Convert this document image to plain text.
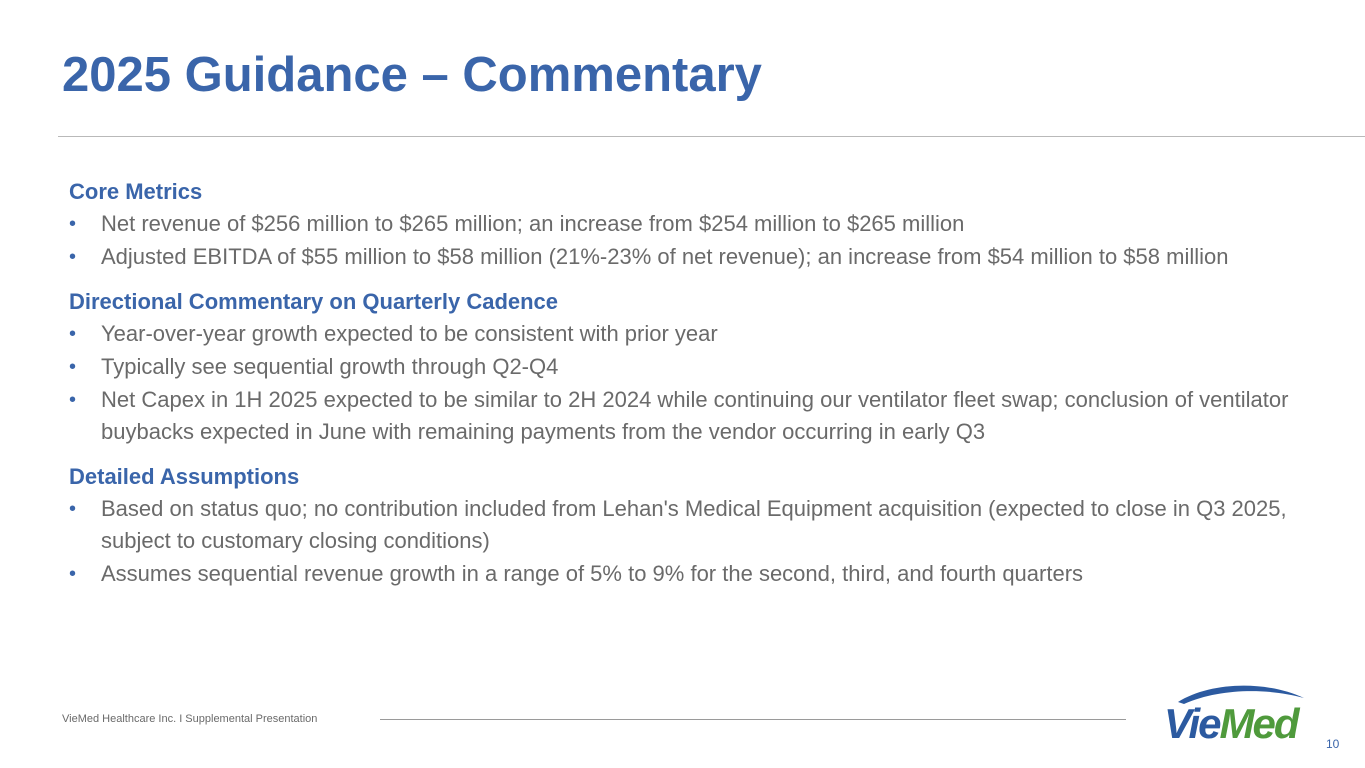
2025 Guidance – Commentary
Core Metrics
• Net revenue of $256 million to $265 million; an increase from $254 million to $265 million
• Adjusted EBITDA of $55 million to $58 million (21%-23% of net revenue); an increase from $54 million to $58 million
Directional Commentary on Quarterly Cadence
• Year-over-year growth expected to be consistent with prior year
• Typically see sequential growth through Q2-Q4
• Net Capex in 1H 2025 expected to be similar to 2H 2024 while continuing our ventilator fleet swap; conclusion of ventilator buybacks expected in June with remaining payments from the vendor occurring in early Q3
Detailed Assumptions
• Based on status quo; no contribution included from Lehan's Medical Equipment acquisition (expected to close in Q3 2025, subject to customary closing conditions)
• Assumes sequential revenue growth in a range of 5% to 9% for the second, third, and fourth quarters
VieMed Healthcare Inc. I Supplemental Presentation	VieMed 10
